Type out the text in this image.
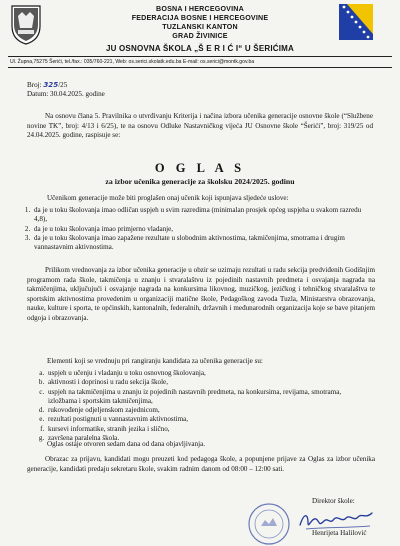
BOSNA I HERCEGOVINA
FEDERACIJA BOSNE I HERCEGOVINE
TUZLANSKI KANTON
GRAD ŽIVINICE
JU OSNOVNA ŠKOLA „Š E R I Ć I“ U ŠERIĆIMA
Ul. Župna,75275 Šerići, tel./fax.: 035/760-221, Web: os.serici.skolatk.edu.ba E-mail: os.serici@montk.gov.ba
Broj: 325/25
Datum: 30.04.2025. godine
Na osnovu člana 5. Pravilnika o utvrđivanju Kriterija i načina izbora učenika generacije osnovne škole (“Službene novine TK”, broj: 4/13 i 6/25), te na osnovu Odluke Nastavničkog vijeća JU Osnovne škole “Šerići”, broj: 319/25 od 24.04.2025. godine, raspisuje se:
O G L A S
za izbor učenika generacije za školsku 2024/2025. godinu
Učenikom generacije može biti proglašen onaj učenik koji ispunjava sljedeće uslove:
1. da je u toku školovanja imao odličan uspjeh u svim razredima (minimalan prosjek općeg uspjeha u svakom razredu 4,8),
2. da je u toku školovanja imao primjerno vladanje,
3. da je u toku školovanja imao zapažene rezultate u slobodnim aktivnostima, takmičenjima, smotrama i drugim vannastavnim aktivnostima.
Prilikom vrednovanja za izbor učenika generacije u obzir se uzimaju rezultati u radu sekcija predviđenih Godišnjim programom rada škole, takmičenja u znanju i stvaralaštvu iz pojedinih nastavnih predmeta i osvajanja nagrada na takmičenjima, uključujući i osvajanje nagrada na konkursima likovnog, muzičkog, jezičkog i tehničkog stvaralaštva te sportskim aktivnostima provedenim u organizaciji matične škole, Pedagoškog zavoda Tuzla, Ministarstva obrazovanja, nauke, kulture i sporta, te općinskih, kantonalnih, federalnih, državnih i međunarodnih organizacija koje se bave pitanjem odgoja i obrazovanja.
Elementi koji se vrednuju pri rangiranju kandidata za učenika generacije su:
a. uspjeh u učenju i vladanju u toku osnovnog školovanja,
b. aktivnosti i doprinosi u radu sekcija škole,
c. uspjeh na takmičenjima u znanju iz pojedinih nastavnih predmeta, na konkursima, revijama, smotrama, izložbama i sportskim takmičenjima,
d. rukovođenje odjeljenskom zajednicom,
e. rezultati postignuti u vannastavnim aktivnostima,
f. kursevi informatike, stranih jezika i slično,
g. završena paralelna škola.
Oglas ostaje otvoren sedam dana od dana objavljivanja.
Obrazac za prijavu, kandidati mogu preuzeti kod pedagoga škole, a popunjene prijave za Oglas za izbor učenika generacije, kandidati predaju sekretaru škole, svakim radnim danom od 08:00 – 12:00 sati.
Direktor škole:
Henrijeta Halilović
